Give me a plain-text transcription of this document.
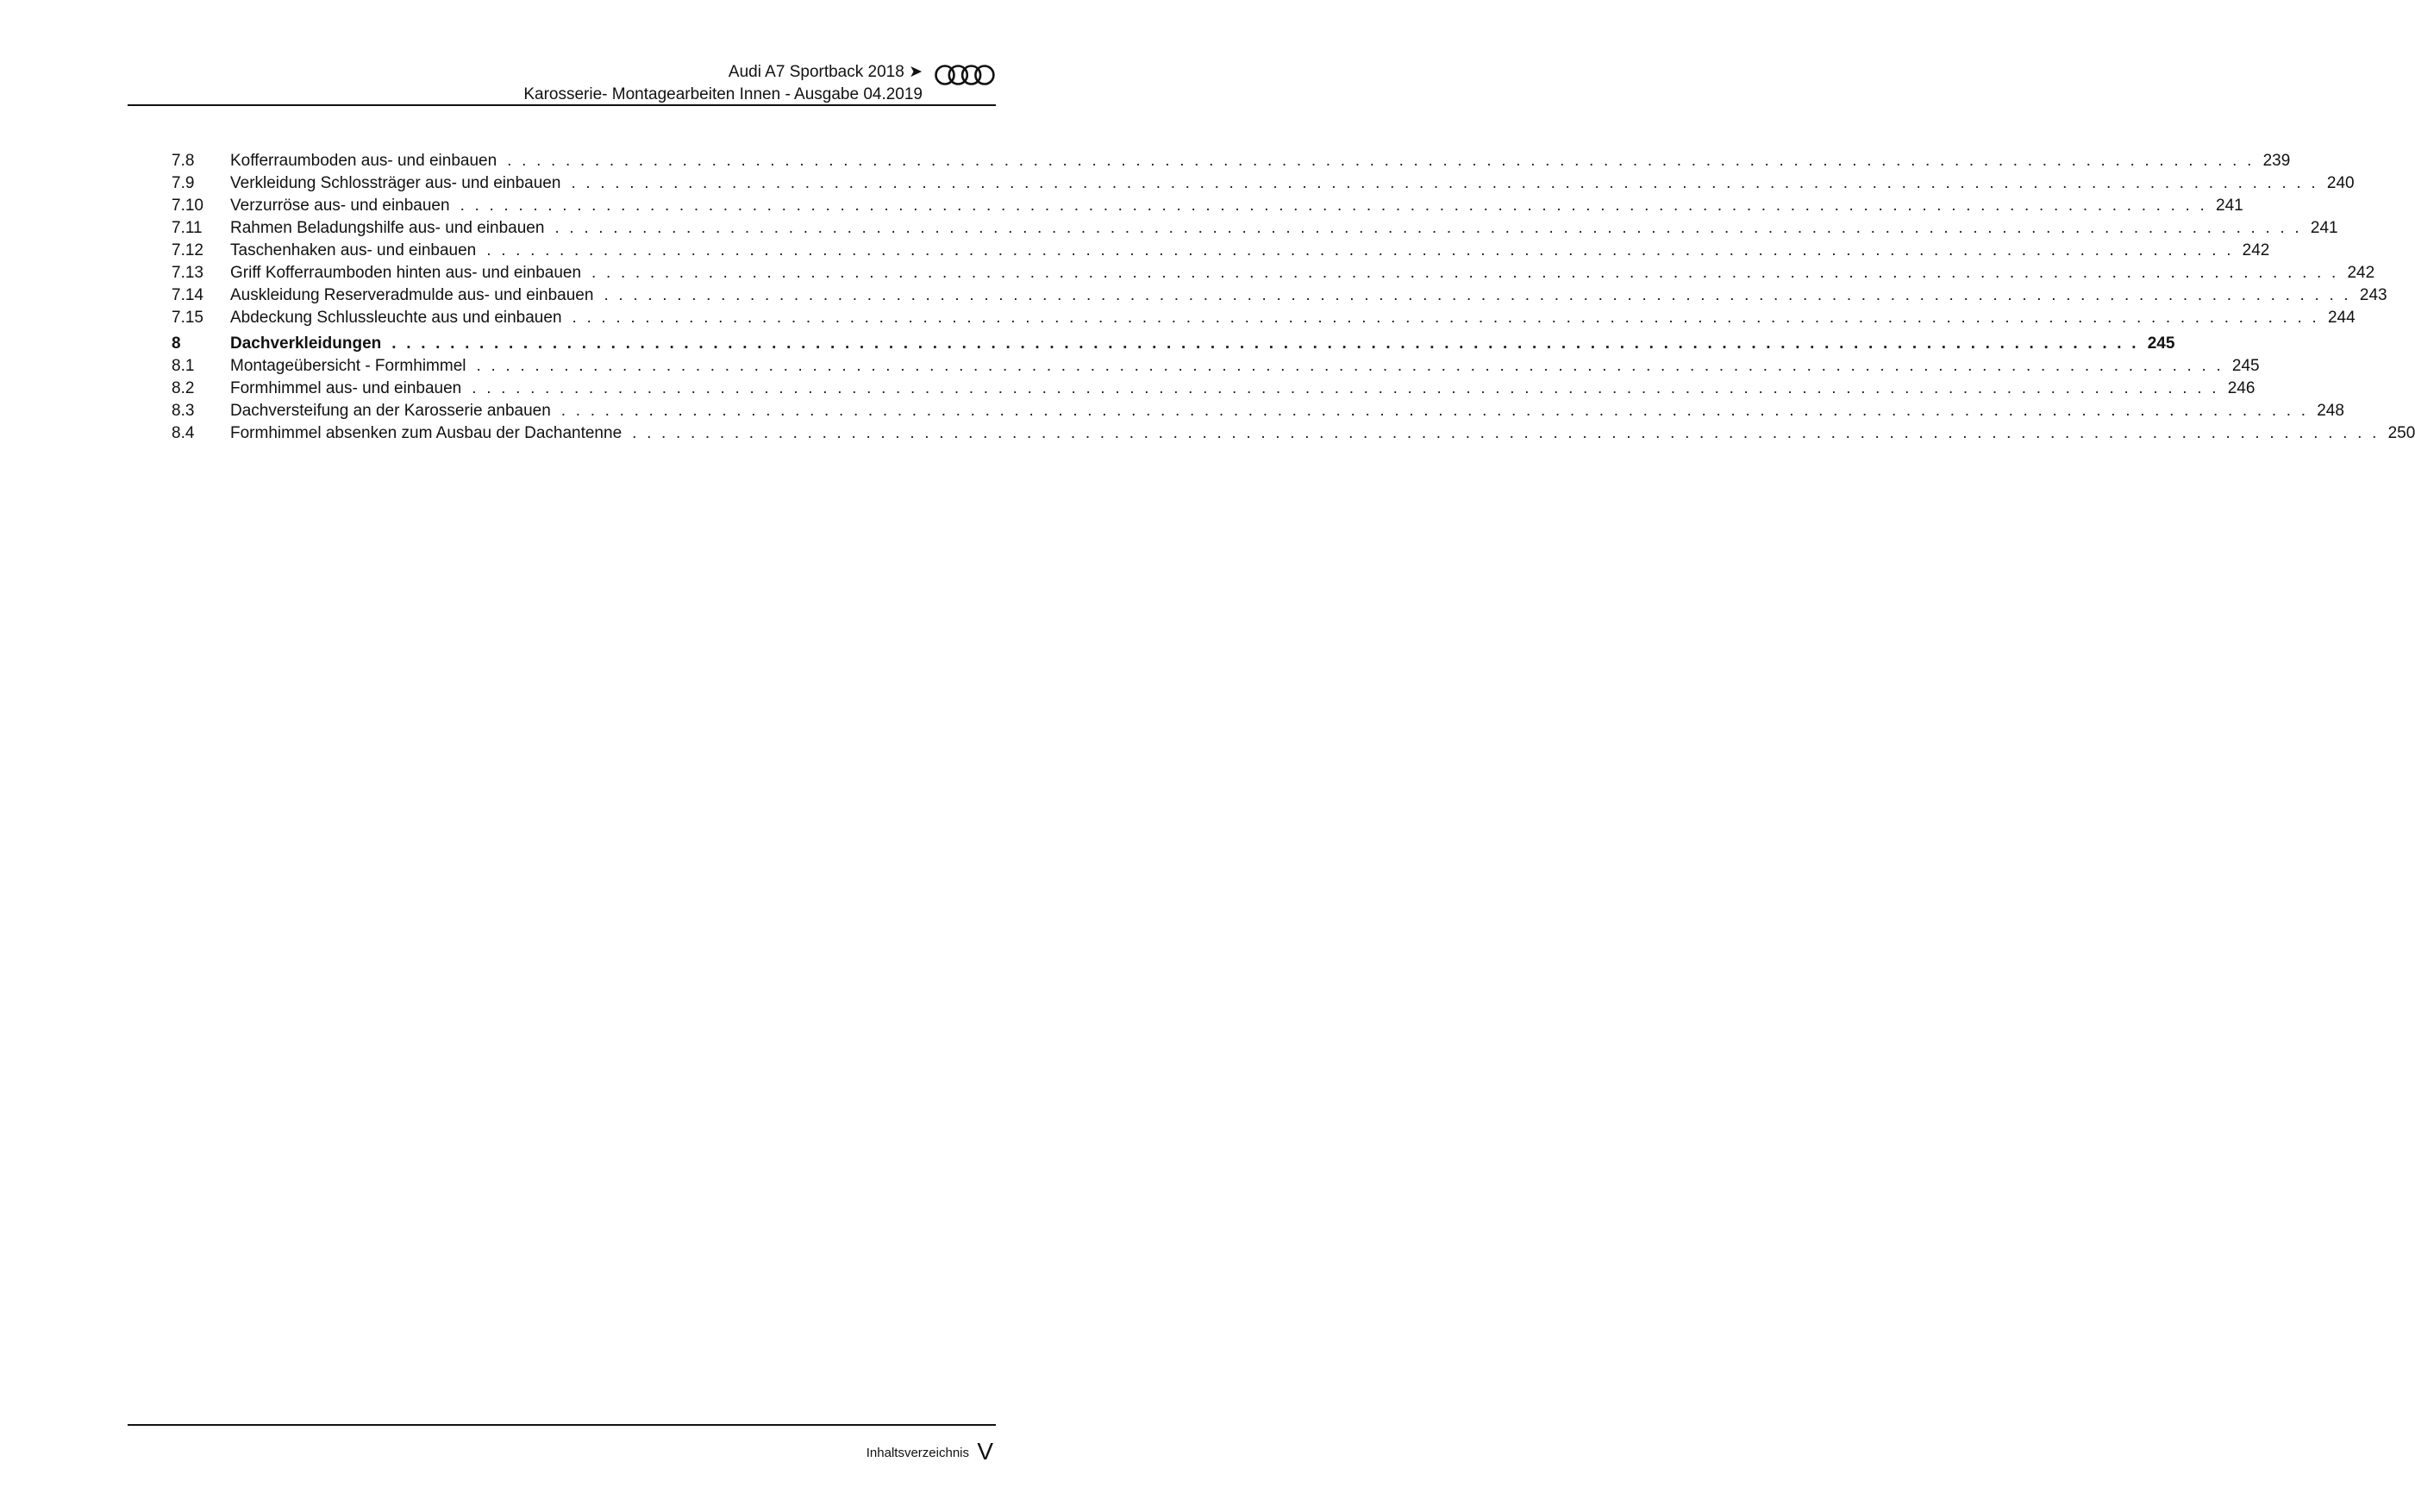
Audi A7 Sportback 2018 ➤
Karosserie- Montagearbeiten Innen - Ausgabe 04.2019
7.8	Kofferraumboden aus- und einbauen . . . . . . . . . . . . . . . . . . . . . . . . . . . . . . . . . . . . . . . . . . . . . . . . . . . . . . . . . . . . . . . . . . . . . . . . . . . . . . . . . . . . . . . . . . . . . . . . . . . . . . . . . . . . . . . . . . . . . . . . 239
7.9	Verkleidung Schlossträger aus- und einbauen . . . . . . . . . . . . . . . . . . . . . . . . . . . . . . . . . . . . . . . . . . . . . . . . . . . . . . . . . . . . . . . . . . . . . . . . . . . . . . . . . . . . . . . . . . . . . . . . . . . . . . . . . . . . . . . . . . . . . . . . 240
7.10	Verzurröse aus- und einbauen . . . . . . . . . . . . . . . . . . . . . . . . . . . . . . . . . . . . . . . . . . . . . . . . . . . . . . . . . . . . . . . . . . . . . . . . . . . . . . . . . . . . . . . . . . . . . . . . . . . . . . . . . . . . . . . . . . . . . . . . 241
7.11	Rahmen Beladungshilfe aus- und einbauen . . . . . . . . . . . . . . . . . . . . . . . . . . . . . . . . . . . . . . . . . . . . . . . . . . . . . . . . . . . . . . . . . . . . . . . . . . . . . . . . . . . . . . . . . . . . . . . . . . . . . . . . . . . . . . . . . . . . . . . . 241
7.12	Taschenhaken aus- und einbauen . . . . . . . . . . . . . . . . . . . . . . . . . . . . . . . . . . . . . . . . . . . . . . . . . . . . . . . . . . . . . . . . . . . . . . . . . . . . . . . . . . . . . . . . . . . . . . . . . . . . . . . . . . . . . . . . . . . . . . . . 242
7.13	Griff Kofferraumboden hinten aus- und einbauen . . . . . . . . . . . . . . . . . . . . . . . . . . . . . . . . . . . . . . . . . . . . . . . . . . . . . . . . . . . . . . . . . . . . . . . . . . . . . . . . . . . . . . . . . . . . . . . . . . . . . . . . . . . . . . . . . . . . . . . . 242
7.14	Auskleidung Reserveradmulde aus- und einbauen . . . . . . . . . . . . . . . . . . . . . . . . . . . . . . . . . . . . . . . . . . . . . . . . . . . . . . . . . . . . . . . . . . . . . . . . . . . . . . . . . . . . . . . . . . . . . . . . . . . . . . . . . . . . . . . . . . . . . . . . 243
7.15	Abdeckung Schlussleuchte aus und einbauen . . . . . . . . . . . . . . . . . . . . . . . . . . . . . . . . . . . . . . . . . . . . . . . . . . . . . . . . . . . . . . . . . . . . . . . . . . . . . . . . . . . . . . . . . . . . . . . . . . . . . . . . . . . . . . . . . . . . . . . . 244
8	Dachverkleidungen . . . . . . . . . . . . . . . . . . . . . . . . . . . . . . . . . . . . . . . . . . . . . . . . . . . . . . . . . . . . . . . . . . . . . . . . . . . . . . . . . . . . . . . . . . . . . . . . . . . . . . . . . . . . . . . . . . . . . . . . 245
8.1	Montageübersicht - Formhimmel . . . . . . . . . . . . . . . . . . . . . . . . . . . . . . . . . . . . . . . . . . . . . . . . . . . . . . . . . . . . . . . . . . . . . . . . . . . . . . . . . . . . . . . . . . . . . . . . . . . . . . . . . . . . . . . . . . . . . . . . 245
8.2	Formhimmel aus- und einbauen . . . . . . . . . . . . . . . . . . . . . . . . . . . . . . . . . . . . . . . . . . . . . . . . . . . . . . . . . . . . . . . . . . . . . . . . . . . . . . . . . . . . . . . . . . . . . . . . . . . . . . . . . . . . . . . . . . . . . . . . 246
8.3	Dachversteifung an der Karosserie anbauen . . . . . . . . . . . . . . . . . . . . . . . . . . . . . . . . . . . . . . . . . . . . . . . . . . . . . . . . . . . . . . . . . . . . . . . . . . . . . . . . . . . . . . . . . . . . . . . . . . . . . . . . . . . . . . . . . . . . . . . . 248
8.4	Formhimmel absenken zum Ausbau der Dachantenne . . . . . . . . . . . . . . . . . . . . . . . . . . . . . . . . . . . . . . . . . . . . . . . . . . . . . . . . . . . . . . . . . . . . . . . . . . . . . . . . . . . . . . . . . . . . . . . . . . . . . . . . . . . . . . . . . . . . . . . . 250
Inhaltsverzeichnis V
